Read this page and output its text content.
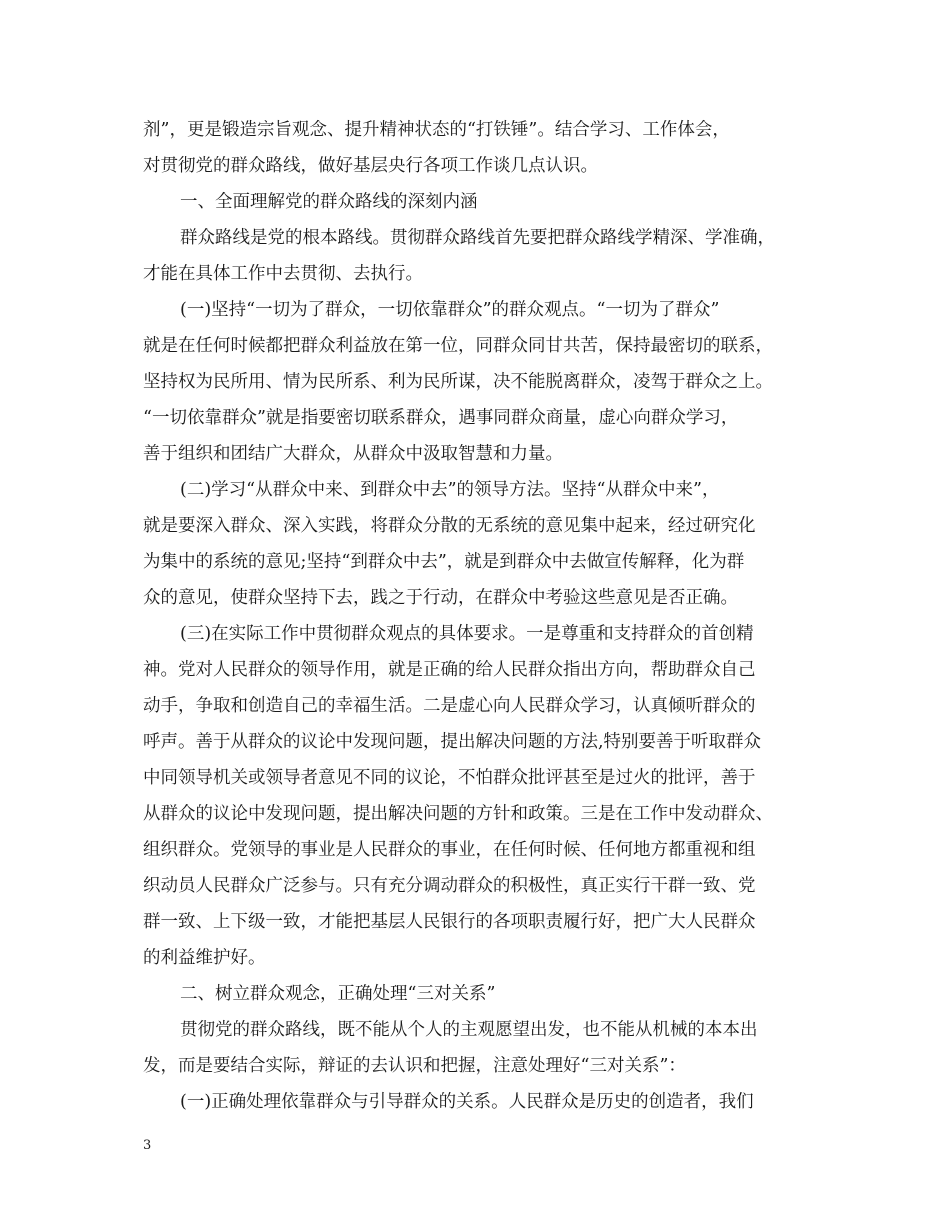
剂”，更是锻造宗旨观念、提升精神状态的“打铁锤”。结合学习、工作体会，
对贯彻党的群众路线，做好基层央行各项工作谈几点认识。
一、全面理解党的群众路线的深刻内涵
群众路线是党的根本路线。贯彻群众路线首先要把群众路线学精深、学准确，
才能在具体工作中去贯彻、去执行。
(一)坚持“一切为了群众，一切依靠群众”的群众观点。“一切为了群众”
就是在任何时候都把群众利益放在第一位，同群众同甘共苦，保持最密切的联系，
坚持权为民所用、情为民所系、利为民所谋，决不能脱离群众，凌驾于群众之上。
“一切依靠群众”就是指要密切联系群众，遇事同群众商量，虚心向群众学习，
善于组织和团结广大群众，从群众中汲取智慧和力量。
(二)学习“从群众中来、到群众中去”的领导方法。坚持“从群众中来”，
就是要深入群众、深入实践，将群众分散的无系统的意见集中起来，经过研究化
为集中的系统的意见;坚持“到群众中去”，就是到群众中去做宣传解释，化为群
众的意见，使群众坚持下去，践之于行动，在群众中考验这些意见是否正确。
(三)在实际工作中贯彻群众观点的具体要求。一是尊重和支持群众的首创精
神。党对人民群众的领导作用，就是正确的给人民群众指出方向，帮助群众自己
动手，争取和创造自己的幸福生活。二是虚心向人民群众学习，认真倾听群众的
呼声。善于从群众的议论中发现问题，提出解决问题的方法,特别要善于听取群众
中同领导机关或领导者意见不同的议论，不怕群众批评甚至是过火的批评，善于
从群众的议论中发现问题，提出解决问题的方针和政策。三是在工作中发动群众、
组织群众。党领导的事业是人民群众的事业，在任何时候、任何地方都重视和组
织动员人民群众广泛参与。只有充分调动群众的积极性，真正实行干群一致、党
群一致、上下级一致，才能把基层人民银行的各项职责履行好，把广大人民群众
的利益维护好。
二、树立群众观念，正确处理“三对关系”
贯彻党的群众路线，既不能从个人的主观愿望出发，也不能从机械的本本出
发，而是要结合实际，辩证的去认识和把握，注意处理好“三对关系”：
(一)正确处理依靠群众与引导群众的关系。人民群众是历史的创造者，我们
3
